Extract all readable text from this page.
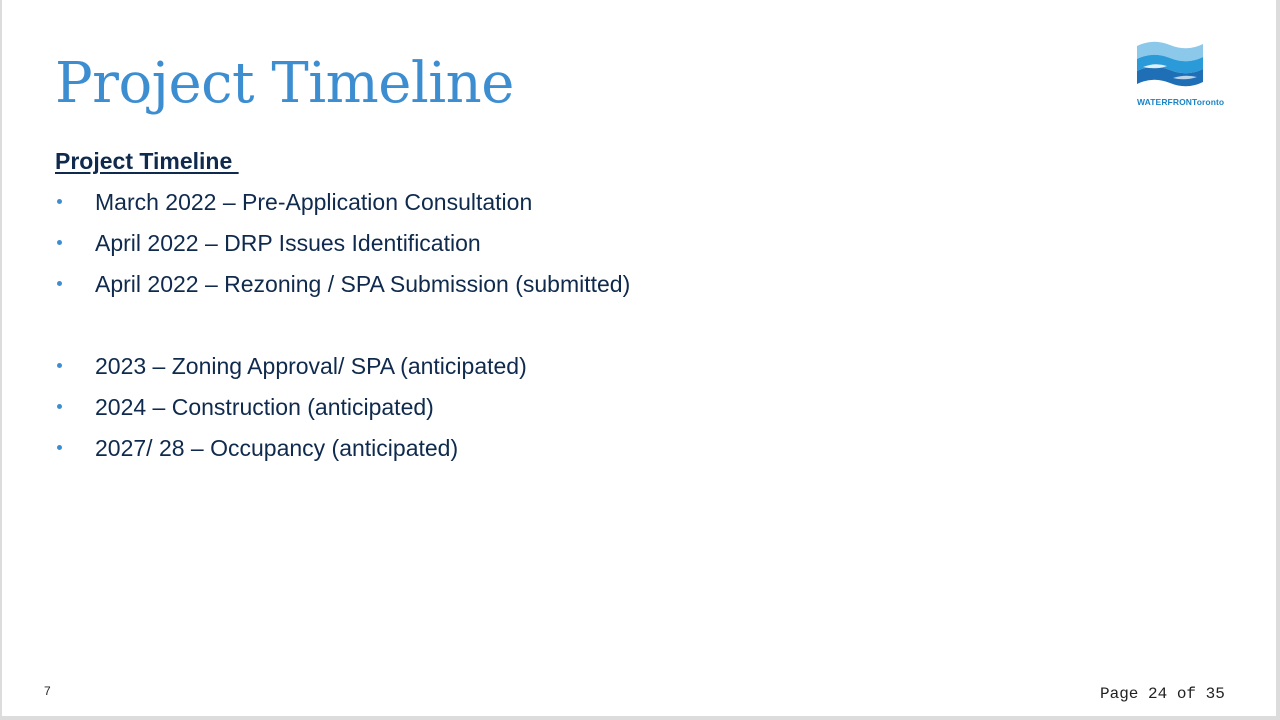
Project Timeline	WATERFRONToronto
Project Timeline
March 2022 – Pre-Application Consultation
April 2022 – DRP Issues Identification
April 2022 – Rezoning / SPA Submission (submitted)
2023 – Zoning Approval/ SPA (anticipated)
2024 – Construction (anticipated)
2027/ 28 – Occupancy (anticipated)
7	Page 24 of 35
